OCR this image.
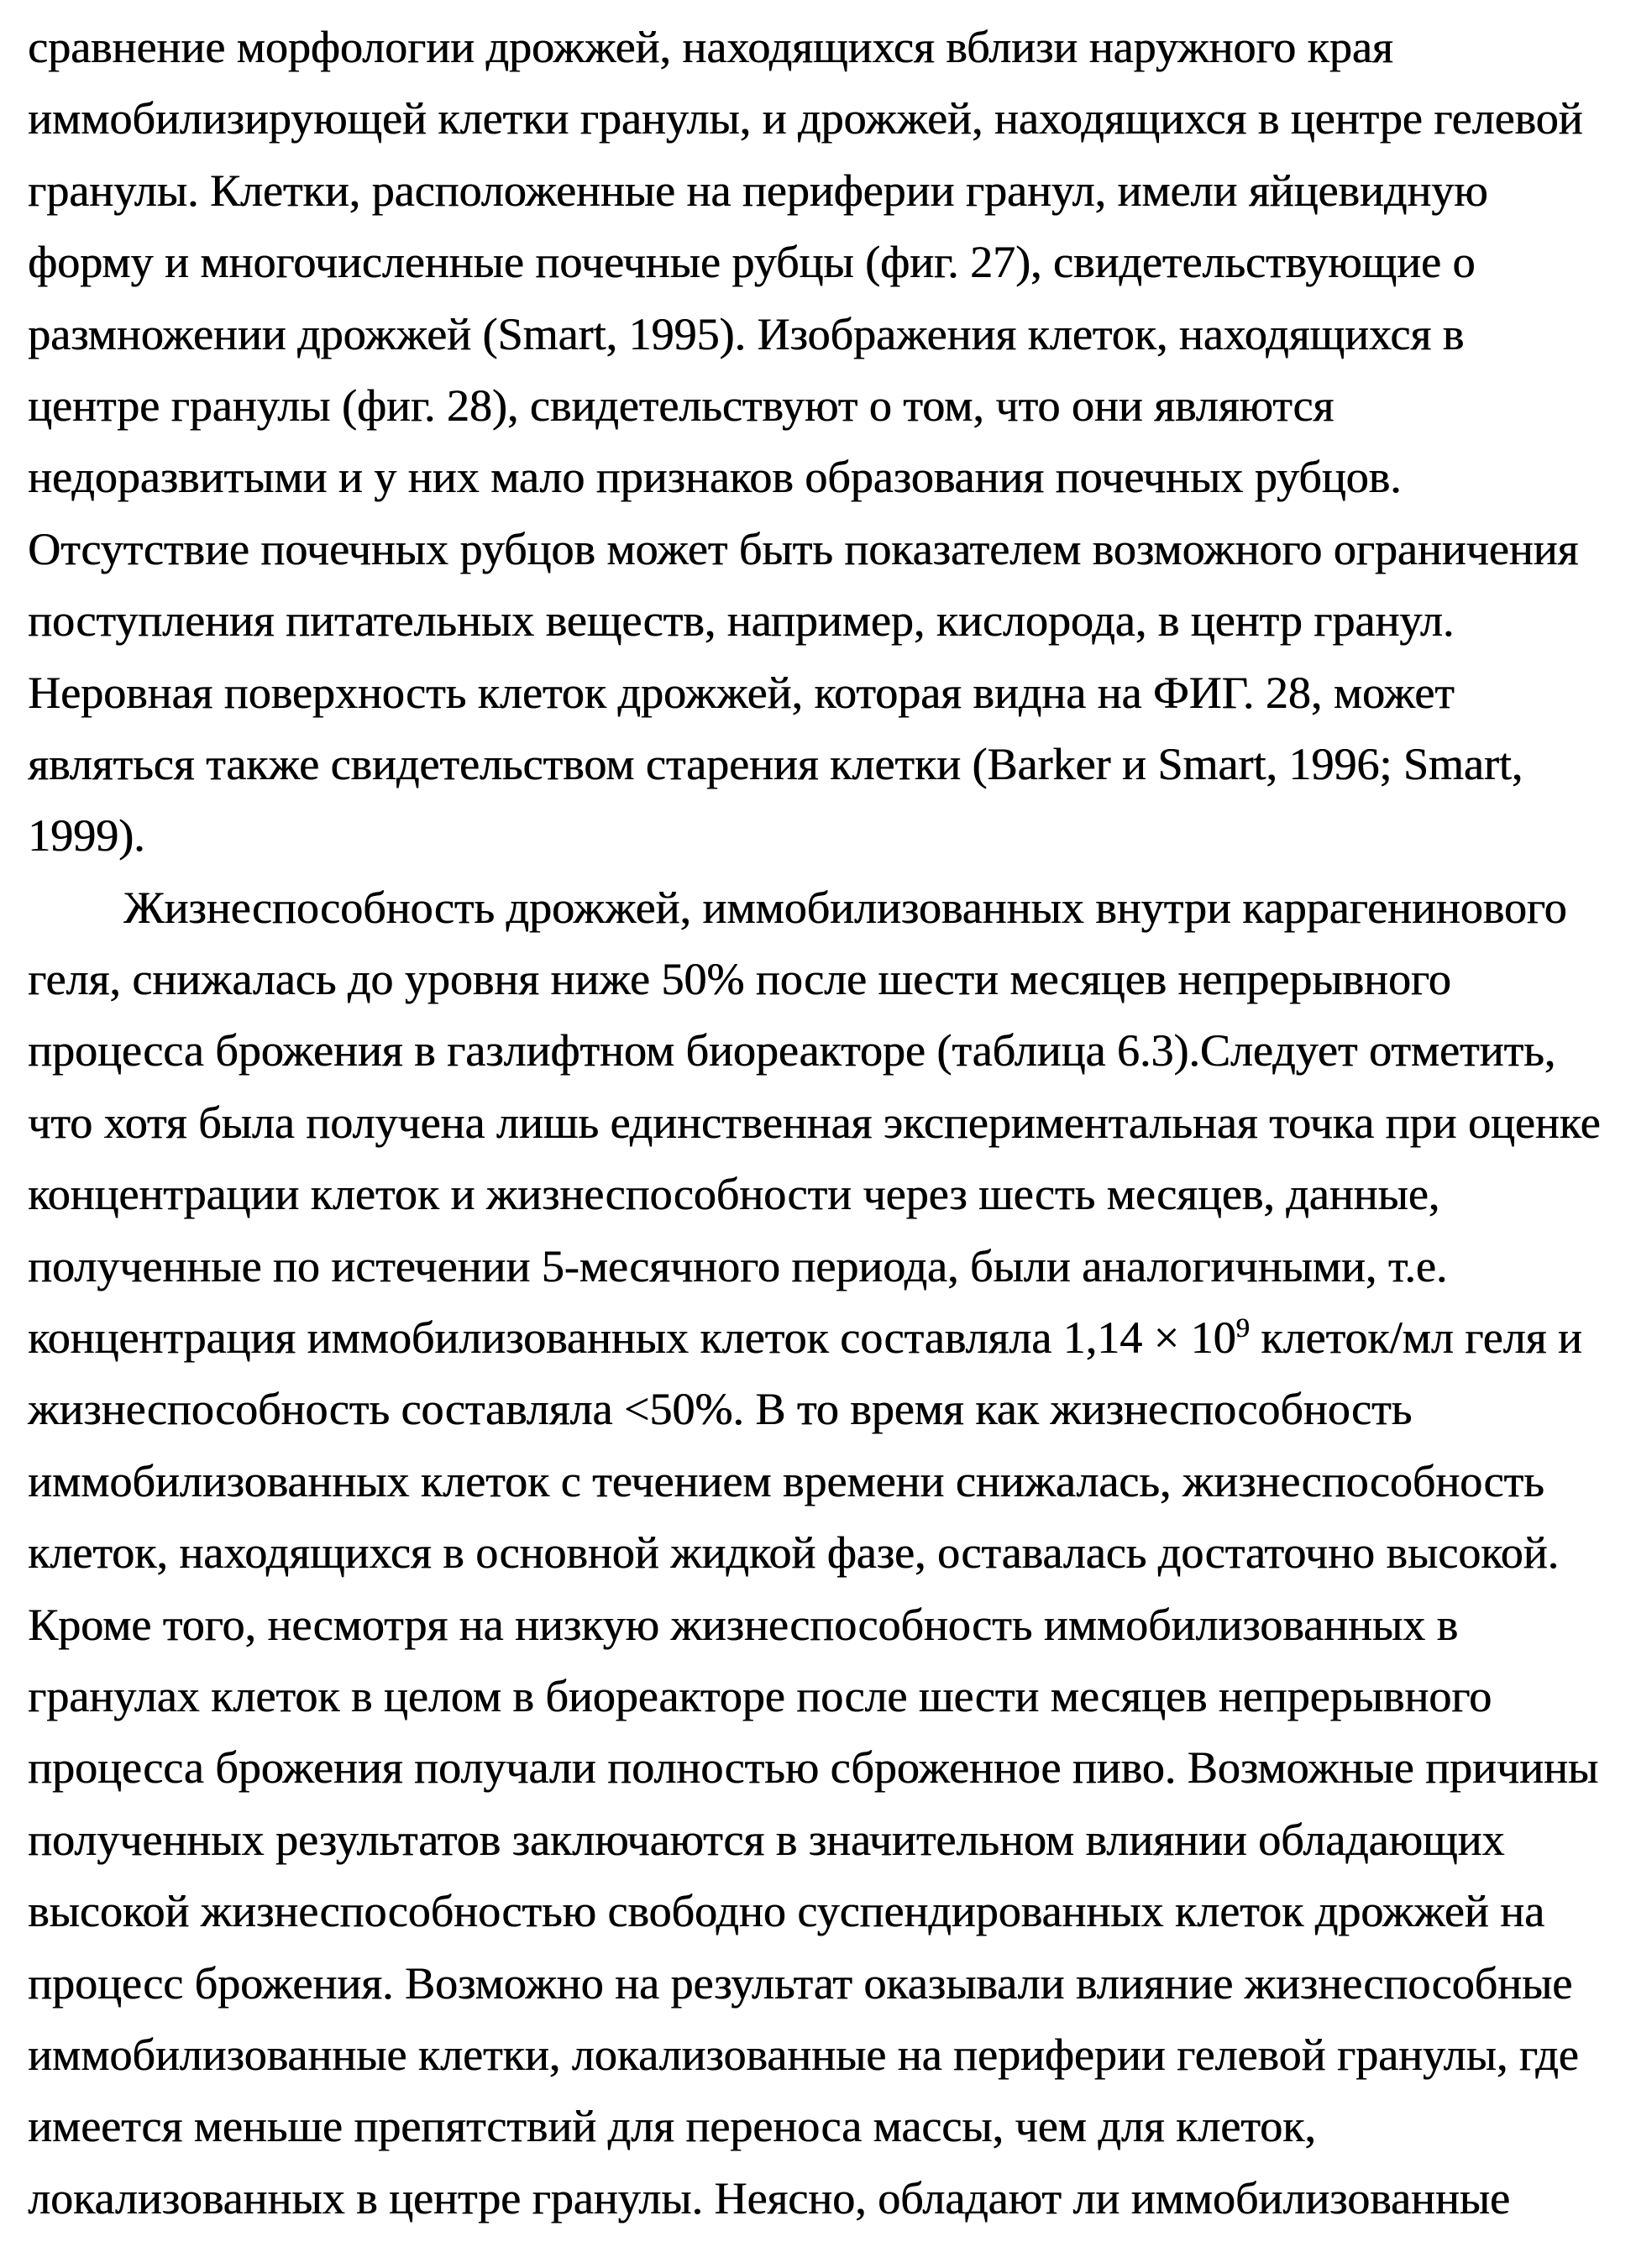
сравнение морфологии дрожжей, находящихся вблизи наружного края
иммобилизирующей клетки гранулы, и дрожжей, находящихся в центре гелевой
гранулы. Клетки, расположенные на периферии гранул, имели яйцевидную
форму и многочисленные почечные рубцы (фиг. 27), свидетельствующие о
размножении дрожжей (Smart, 1995). Изображения клеток, находящихся в
центре гранулы (фиг. 28), свидетельствуют о том, что они являются
недоразвитыми и у них мало признаков образования почечных рубцов.
Отсутствие почечных рубцов может быть показателем возможного ограничения
поступления питательных веществ, например, кислорода, в центр гранул.
Неровная поверхность клеток дрожжей, которая видна на ФИГ. 28, может
являться также свидетельством старения клетки (Barker и Smart, 1996; Smart,
1999).
Жизнеспособность дрожжей, иммобилизованных внутри каррагенинового
геля, снижалась до уровня ниже 50% после шести месяцев непрерывного
процесса брожения в газлифтном биореакторе (таблица 6.3).Следует отметить,
что хотя была получена лишь единственная экспериментальная точка при оценке
концентрации клеток и жизнеспособности через шесть месяцев, данные,
полученные по истечении 5-месячного периода, были аналогичными, т.е.
концентрация иммобилизованных клеток составляла $1,14 \times 10^9$ клеток/мл геля и
жизнеспособность составляла <50%. В то время как жизнеспособность
иммобилизованных клеток с течением времени снижалась, жизнеспособность
клеток, находящихся в основной жидкой фазе, оставалась достаточно высокой.
Кроме того, несмотря на низкую жизнеспособность иммобилизованных в
гранулах клеток в целом в биореакторе после шести месяцев непрерывного
процесса брожения получали полностью сброженное пиво. Возможные причины
полученных результатов заключаются в значительном влиянии обладающих
высокой жизнеспособностью свободно суспендированных клеток дрожжей на
процесс брожения. Возможно на результат оказывали влияние жизнеспособные
иммобилизованные клетки, локализованные на периферии гелевой гранулы, где
имеется меньше препятствий для переноса массы, чем для клеток,
локализованных в центре гранулы. Неясно, обладают ли иммобилизованные
